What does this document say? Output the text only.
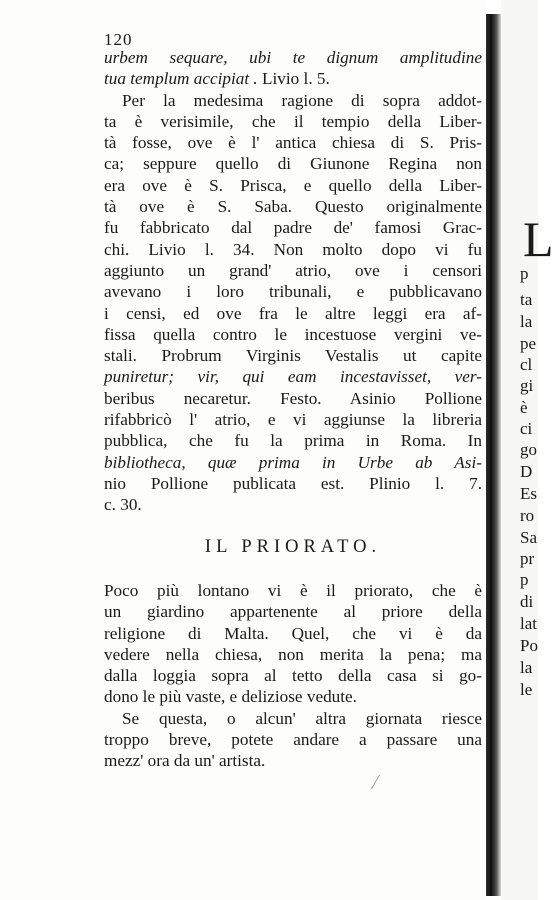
120
urbem sequare, ubi te dignum amplitudine
tua templum accipiat . Livio l. 5.
Per la medesima ragione di sopra addot-
ta è verisimile, che il tempio della Liber-
tà fosse, ove è l' antica chiesa di S. Pris-
ca; seppure quello di Giunone Regina non
era ove è S. Prisca, e quello della Liber-
tà ove è S. Saba. Questo originalmente
fu fabbricato dal padre de' famosi Grac-
chi. Livio l. 34. Non molto dopo vi fu
aggiunto un grand' atrio, ove i censori
avevano i loro tribunali, e pubblicavano
i censi, ed ove fra le altre leggi era af-
fissa quella contro le incestuose vergini ve-
stali. Probrum Virginis Vestalis ut capite
puniretur; vir, qui eam incestavisset, ver-
beribus necaretur. Festo. Asinio Pollione
rifabbricò l' atrio, e vi aggiunse la libreria
pubblica, che fu la prima in Roma. In
bibliotheca, quæ prima in Urbe ab Asi-
nio Pollione publicata est. Plinio l. 7.
c. 30.
IL PRIORATO.
Poco più lontano vi è il priorato, che è
un giardino appartenente al priore della
religione di Malta. Quel, che vi è da
vedere nella chiesa, non merita la pena; ma
dalla loggia sopra al tetto della casa si go-
dono le più vaste, e deliziose vedute.
Se questa, o alcun' altra giornata riesce
troppo breve, potete andare a passare una
mezz' ora da un' artista.
L
p
ta
la
pe
cl
gi
è
ci
go
D
Es
ro
Sa
pr
p
di
lat
Po
la
le
